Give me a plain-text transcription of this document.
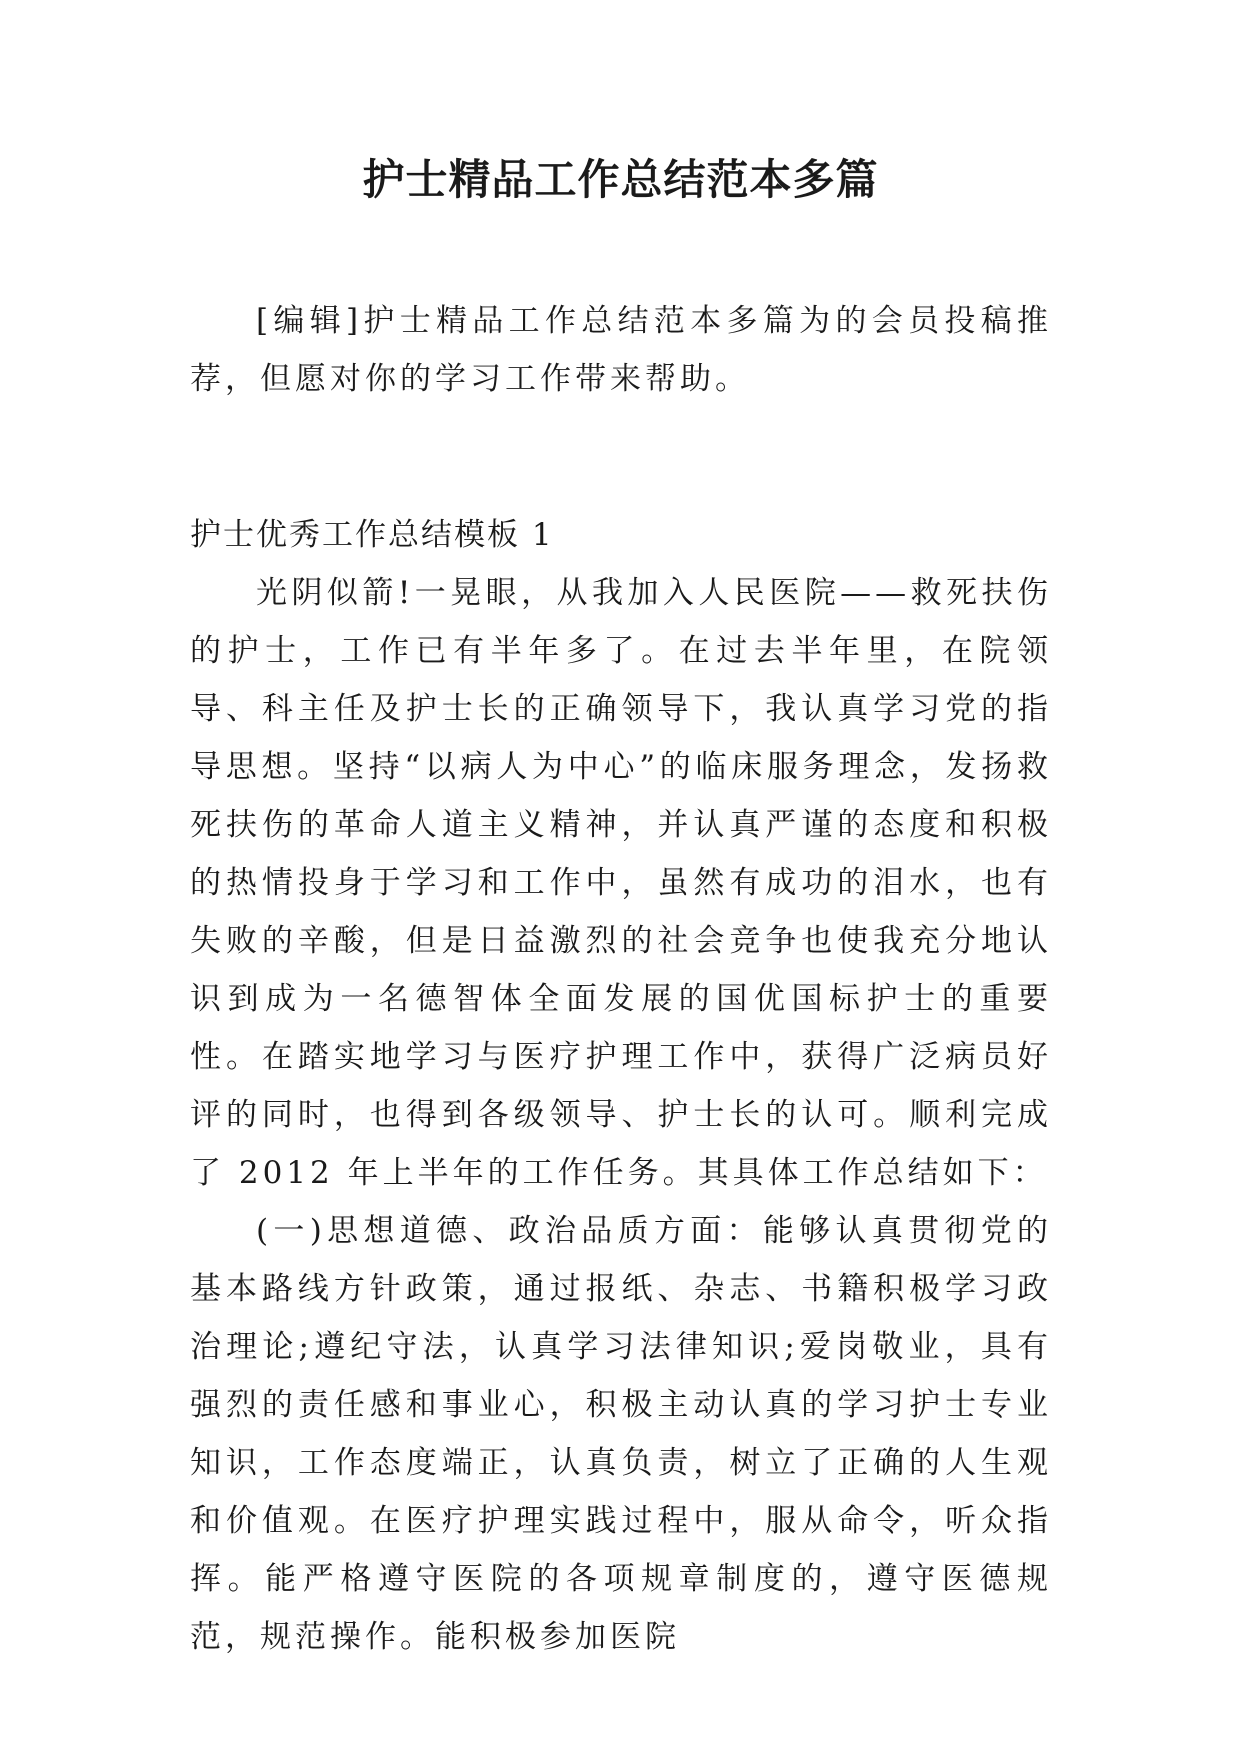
护士精品工作总结范本多篇

[编辑]护士精品工作总结范本多篇为的会员投稿推荐，但愿对你的学习工作带来帮助。

护士优秀工作总结模板 1

光阴似箭!一晃眼，从我加入人民医院——救死扶伤的护士，工作已有半年多了。在过去半年里，在院领导、科主任及护士长的正确领导下，我认真学习党的指导思想。坚持“以病人为中心”的临床服务理念，发扬救死扶伤的革命人道主义精神，并认真严谨的态度和积极的热情投身于学习和工作中，虽然有成功的泪水，也有失败的辛酸，但是日益激烈的社会竞争也使我充分地认识到成为一名德智体全面发展的国优国标护士的重要性。在踏实地学习与医疗护理工作中，获得广泛病员好评的同时，也得到各级领导、护士长的认可。顺利完成了 2012 年上半年的工作任务。其具体工作总结如下：

(一)思想道德、政治品质方面：能够认真贯彻党的基本路线方针政策，通过报纸、杂志、书籍积极学习政治理论;遵纪守法，认真学习法律知识;爱岗敬业，具有强烈的责任感和事业心，积极主动认真的学习护士专业知识，工作态度端正，认真负责，树立了正确的人生观和价值观。在医疗护理实践过程中，服从命令，听众指挥。能严格遵守医院的各项规章制度的，遵守医德规范，规范操作。能积极参加医院
